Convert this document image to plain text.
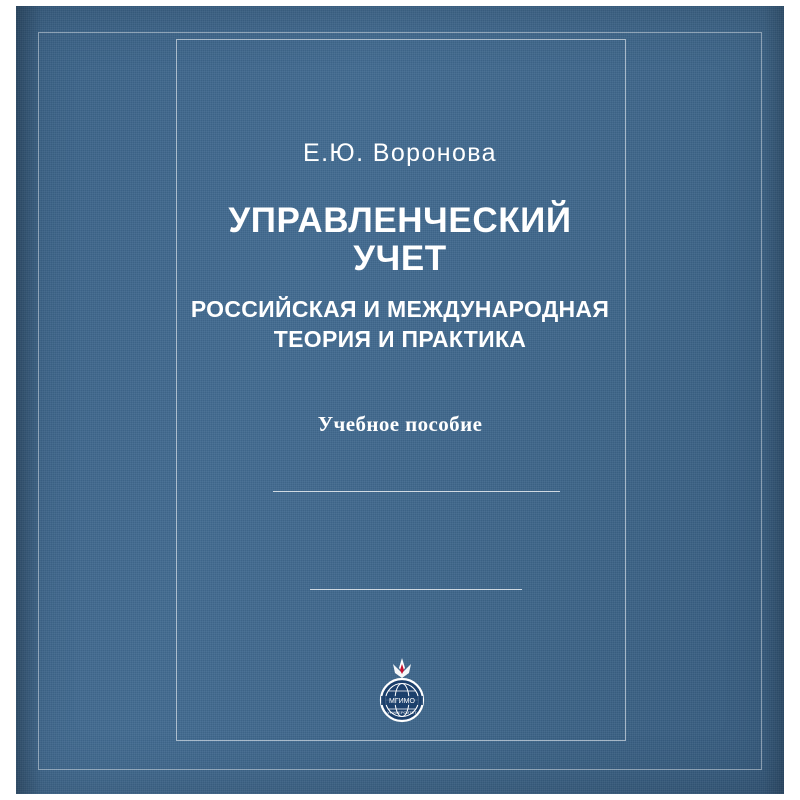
Е.Ю. Воронова
УПРАВЛЕНЧЕСКИЙ
УЧЕТ
РОССИЙСКАЯ И МЕЖДУНАРОДНАЯ
ТЕОРИЯ И ПРАКТИКА
Учебное пособие
МГИМО
УНИВЕРСИТЕТ
